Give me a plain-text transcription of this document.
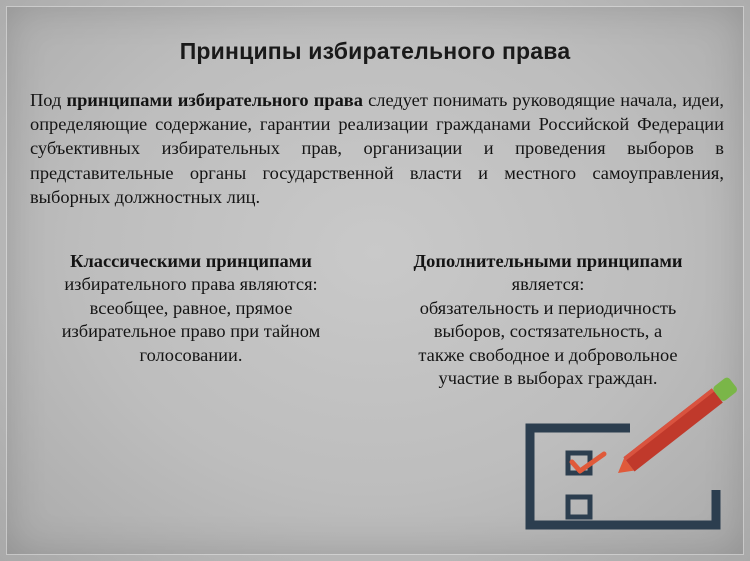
Принципы избирательного права
Под принципами избирательного права следует понимать руководящие начала, идеи, определяющие содержание, гарантии реализации гражданами Российской Федерации субъективных избирательных прав, организации и проведения выборов в представительные органы государственной власти и местного самоуправления, выборных должностных лиц.
Классическими принципами
избирательного права являются: всеобщее, равное, прямое избирательное право при тайном голосовании.
Дополнительными принципами является:
обязательность и периодичность выборов, состязательность, а также свободное и добровольное участие в выборах граждан.
